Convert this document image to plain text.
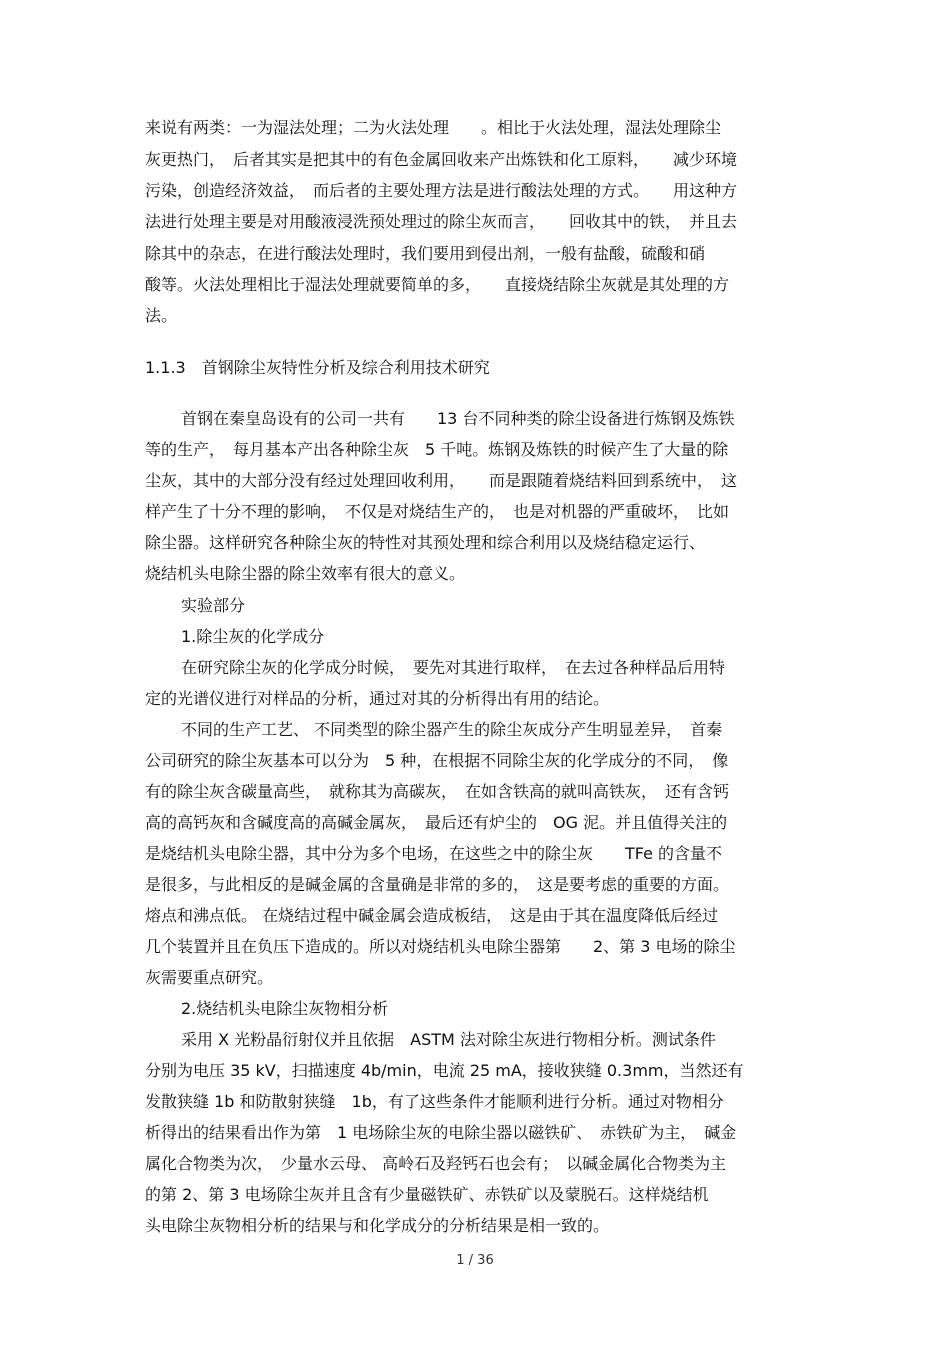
来说有两类：一为湿法处理；二为火法处理　　。相比于火法处理，湿法处理除尘
灰更热门，　后者其实是把其中的有色金属回收来产出炼铁和化工原料，　　减少环境
污染，创造经济效益，　而后者的主要处理方法是进行酸法处理的方式。　　用这种方
法进行处理主要是对用酸液浸洗预处理过的除尘灰而言，　　回收其中的铁，　并且去
除其中的杂志，在进行酸法处理时，我们要用到侵出剂，一般有盐酸，硫酸和硝
酸等。火法处理相比于湿法处理就要简单的多，　　直接烧结除尘灰就是其处理的方
法。
1.1.3　首钢除尘灰特性分析及综合利用技术研究
首钢在秦皇岛设有的公司一共有　　13 台不同种类的除尘设备进行炼钢及炼铁
等的生产，　每月基本产出各种除尘灰　5 千吨。炼钢及炼铁的时候产生了大量的除
尘灰，其中的大部分没有经过处理回收利用，　　而是跟随着烧结料回到系统中，　这
样产生了十分不理的影响，　不仅是对烧结生产的，　也是对机器的严重破坏，　比如
除尘器。这样研究各种除尘灰的特性对其预处理和综合利用以及烧结稳定运行、
烧结机头电除尘器的除尘效率有很大的意义。
实验部分
1.除尘灰的化学成分
在研究除尘灰的化学成分时候，　要先对其进行取样，　在去过各种样品后用特
定的光谱仪进行对样品的分析，通过对其的分析得出有用的结论。
不同的生产工艺、 不同类型的除尘器产生的除尘灰成分产生明显差异，　首秦
公司研究的除尘灰基本可以分为　5 种，在根据不同除尘灰的化学成分的不同，　像
有的除尘灰含碳量高些，　就称其为高碳灰，　在如含铁高的就叫高铁灰，　还有含钙
高的高钙灰和含碱度高的高碱金属灰，　最后还有炉尘的　OG 泥。并且值得关注的
是烧结机头电除尘器，其中分为多个电场，在这些之中的除尘灰　　TFe 的含量不
是很多，与此相反的是碱金属的含量确是非常的多的，　这是要考虑的重要的方面。
熔点和沸点低。 在烧结过程中碱金属会造成板结，　这是由于其在温度降低后经过
几个装置并且在负压下造成的。所以对烧结机头电除尘器第　　2、第 3 电场的除尘
灰需要重点研究。
2.烧结机头电除尘灰物相分析
采用 X 光粉晶衍射仪并且依据　ASTM 法对除尘灰进行物相分析。测试条件
分别为电压 35 kV，扫描速度 4b/min，电流 25 mA，接收狭缝 0.3mm，当然还有
发散狭缝 1b 和防散射狭缝　1b，有了这些条件才能顺利进行分析。通过对物相分
析得出的结果看出作为第　1 电场除尘灰的电除尘器以磁铁矿、　赤铁矿为主，　碱金
属化合物类为次，　少量水云母、 高岭石及羟钙石也会有；　以碱金属化合物类为主
的第 2、第 3 电场除尘灰并且含有少量磁铁矿、赤铁矿以及蒙脱石。这样烧结机
头电除尘灰物相分析的结果与和化学成分的分析结果是相一致的。
1 / 36
